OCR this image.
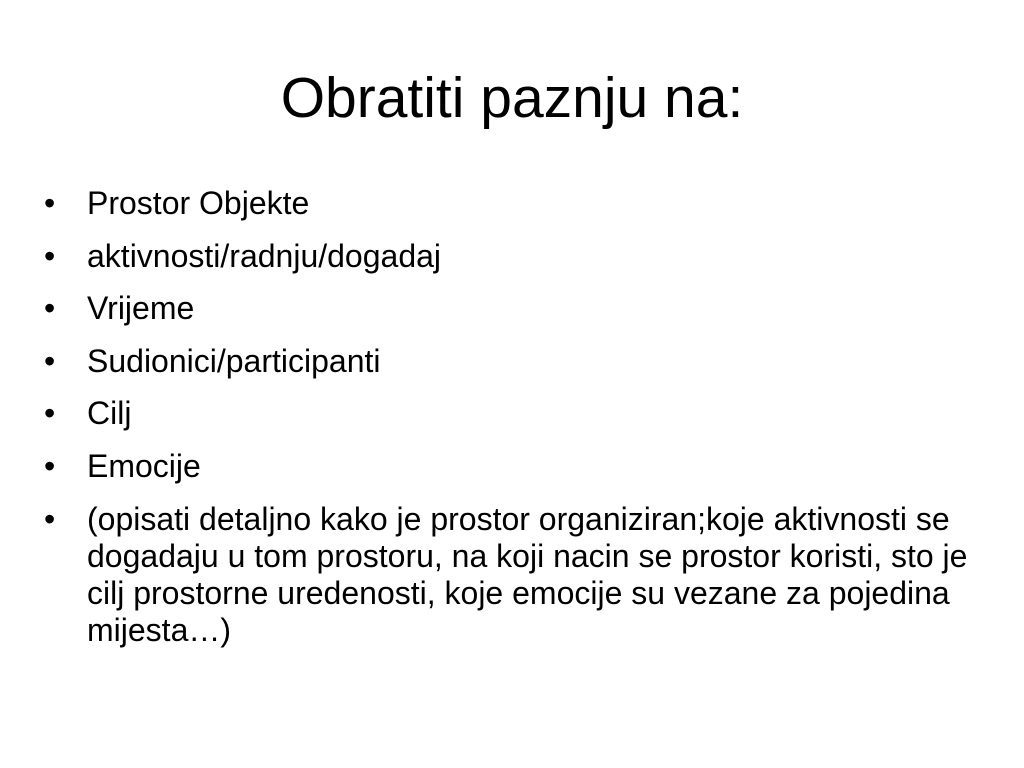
Obratiti paznju na:
• Prostor Objekte
• aktivnosti/radnju/dogadaj
• Vrijeme
• Sudionici/participanti
• Cilj
• Emocije
• (opisati detaljno kako je prostor organiziran;koje aktivnosti se dogadaju u tom prostoru, na koji nacin se prostor koristi, sto je cilj prostorne uredenosti, koje emocije su vezane za pojedina mijesta…)
